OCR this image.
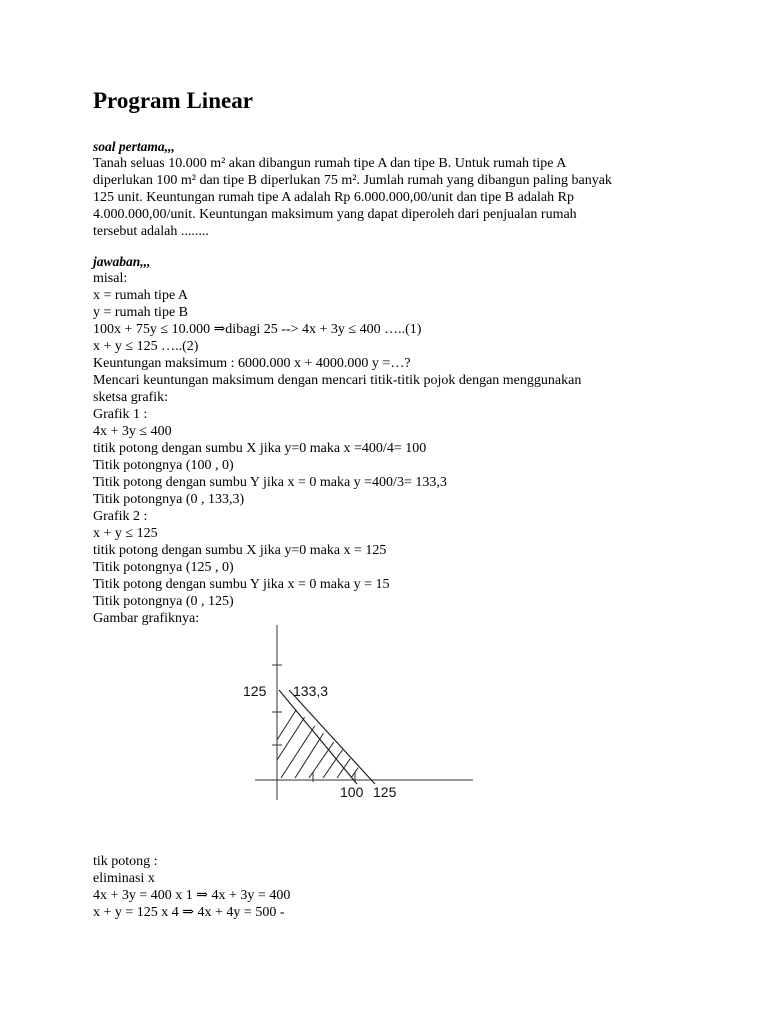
Program Linear
soal pertama,,,
Tanah seluas 10.000 m² akan dibangun rumah tipe A dan tipe B. Untuk rumah tipe A
diperlukan 100 m² dan tipe B diperlukan 75 m². Jumlah rumah yang dibangun paling banyak
125 unit. Keuntungan rumah tipe A adalah Rp 6.000.000,00/unit dan tipe B adalah Rp
4.000.000,00/unit. Keuntungan maksimum yang dapat diperoleh dari penjualan rumah
tersebut adalah ........
jawaban,,,
misal:
x = rumah tipe A
y = rumah tipe B
100x + 75y ≤ 10.000 ⇒dibagi 25 --> 4x + 3y ≤ 400 …..(1)
x + y ≤ 125 …..(2)
Keuntungan maksimum : 6000.000 x + 4000.000 y =…?
Mencari keuntungan maksimum dengan mencari titik-titik pojok dengan menggunakan
sketsa grafik:
Grafik 1 :
4x + 3y ≤ 400
titik potong dengan sumbu X jika y=0 maka x =400/4= 100
Titik potongnya (100 , 0)
Titik potong dengan sumbu Y jika x = 0 maka y =400/3= 133,3
Titik potongnya (0 , 133,3)
Grafik 2 :
x + y ≤ 125
titik potong dengan sumbu X jika y=0 maka x = 125
Titik potongnya (125 , 0)
Titik potong dengan sumbu Y jika x = 0 maka y = 15
Titik potongnya (0 , 125)
Gambar grafiknya:
tik potong :
eliminasi x
4x + 3y = 400 x 1 ⇒ 4x + 3y = 400
x + y = 125 x 4 ⇒ 4x + 4y = 500 -
125 133,3
100 125
